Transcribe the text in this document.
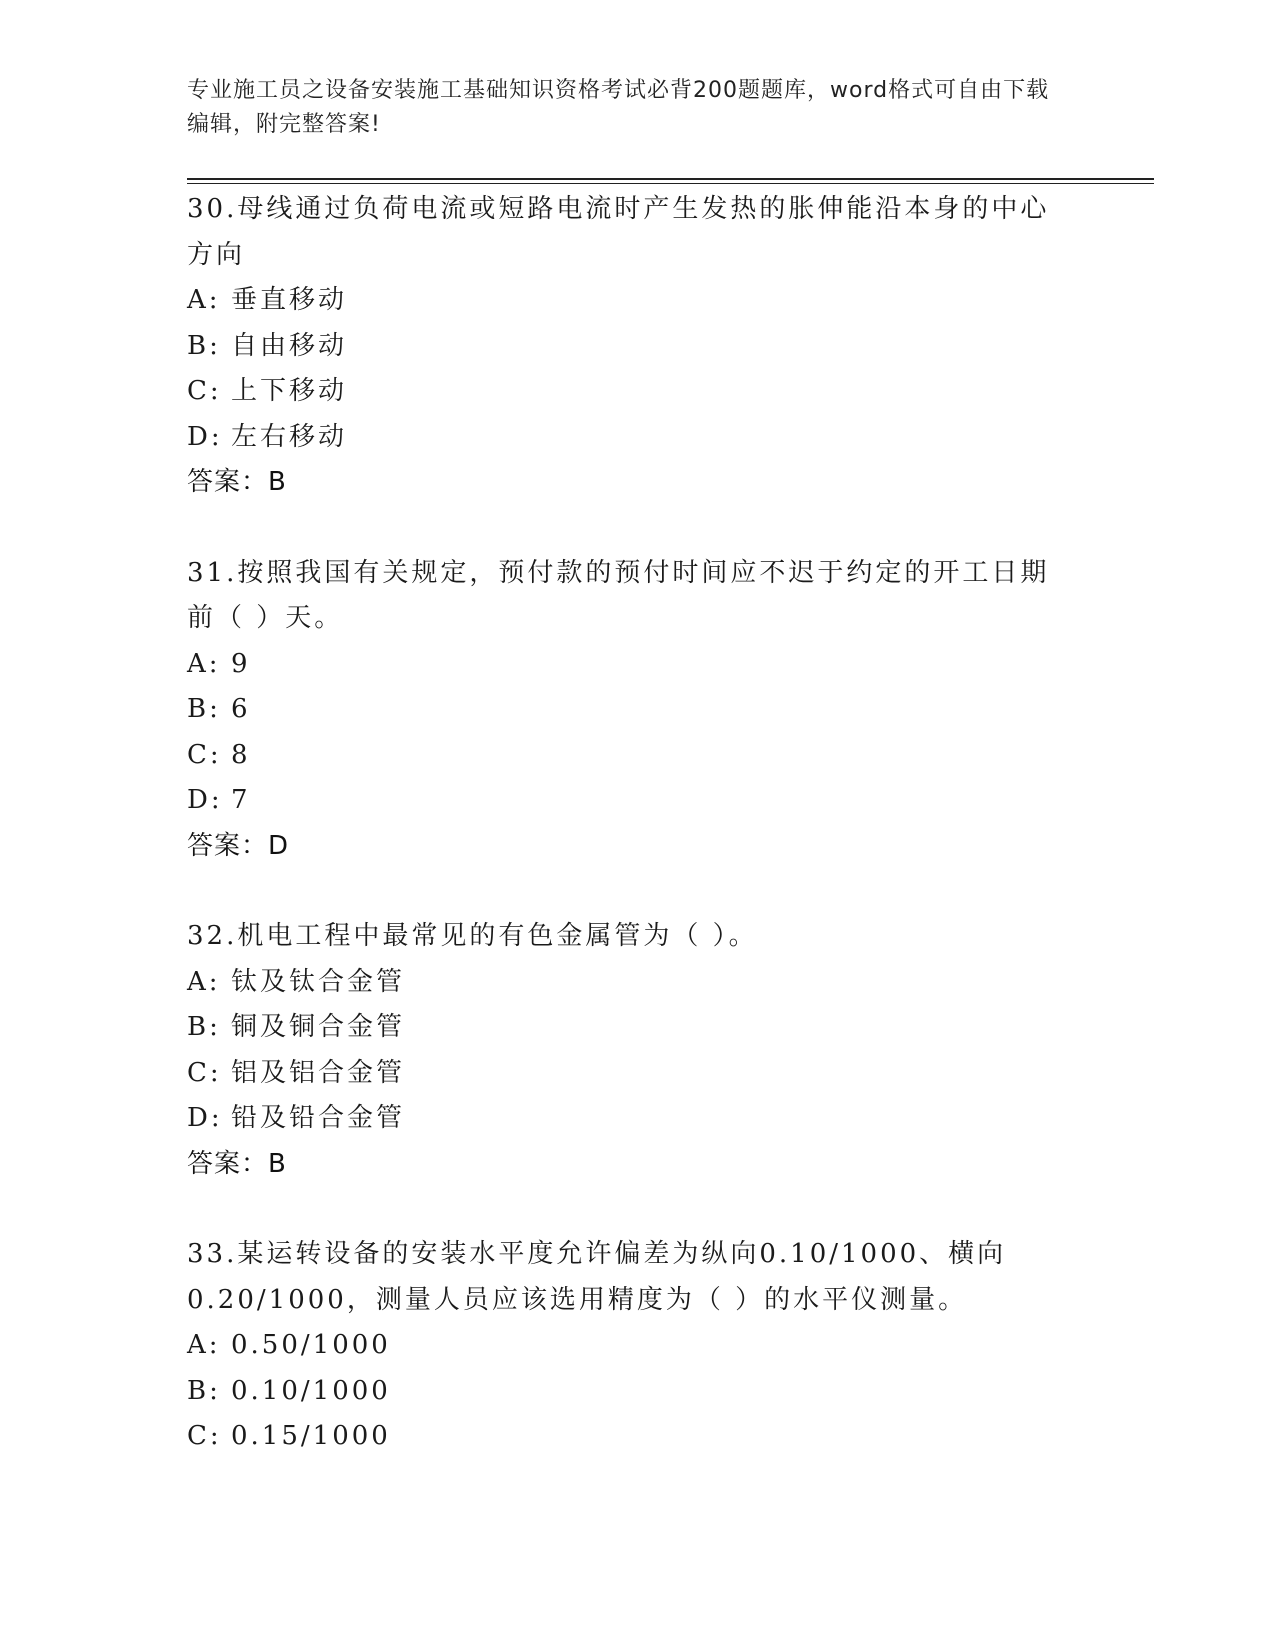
专业施工员之设备安装施工基础知识资格考试必背200题题库，word格式可自由下载编辑，附完整答案!
30.母线通过负荷电流或短路电流时产生发热的胀伸能沿本身的中心方向
A: 垂直移动
B: 自由移动
C: 上下移动
D: 左右移动
答案：B
31.按照我国有关规定，预付款的预付时间应不迟于约定的开工日期前（ ）天。
A: 9
B: 6
C: 8
D: 7
答案：D
32.机电工程中最常见的有色金属管为（ ）。
A: 钛及钛合金管
B: 铜及铜合金管
C: 铝及铝合金管
D: 铅及铅合金管
答案：B
33.某运转设备的安装水平度允许偏差为纵向0.10/1000、横向0.20/1000，测量人员应该选用精度为（ ）的水平仪测量。
A: 0.50/1000
B: 0.10/1000
C: 0.15/1000
